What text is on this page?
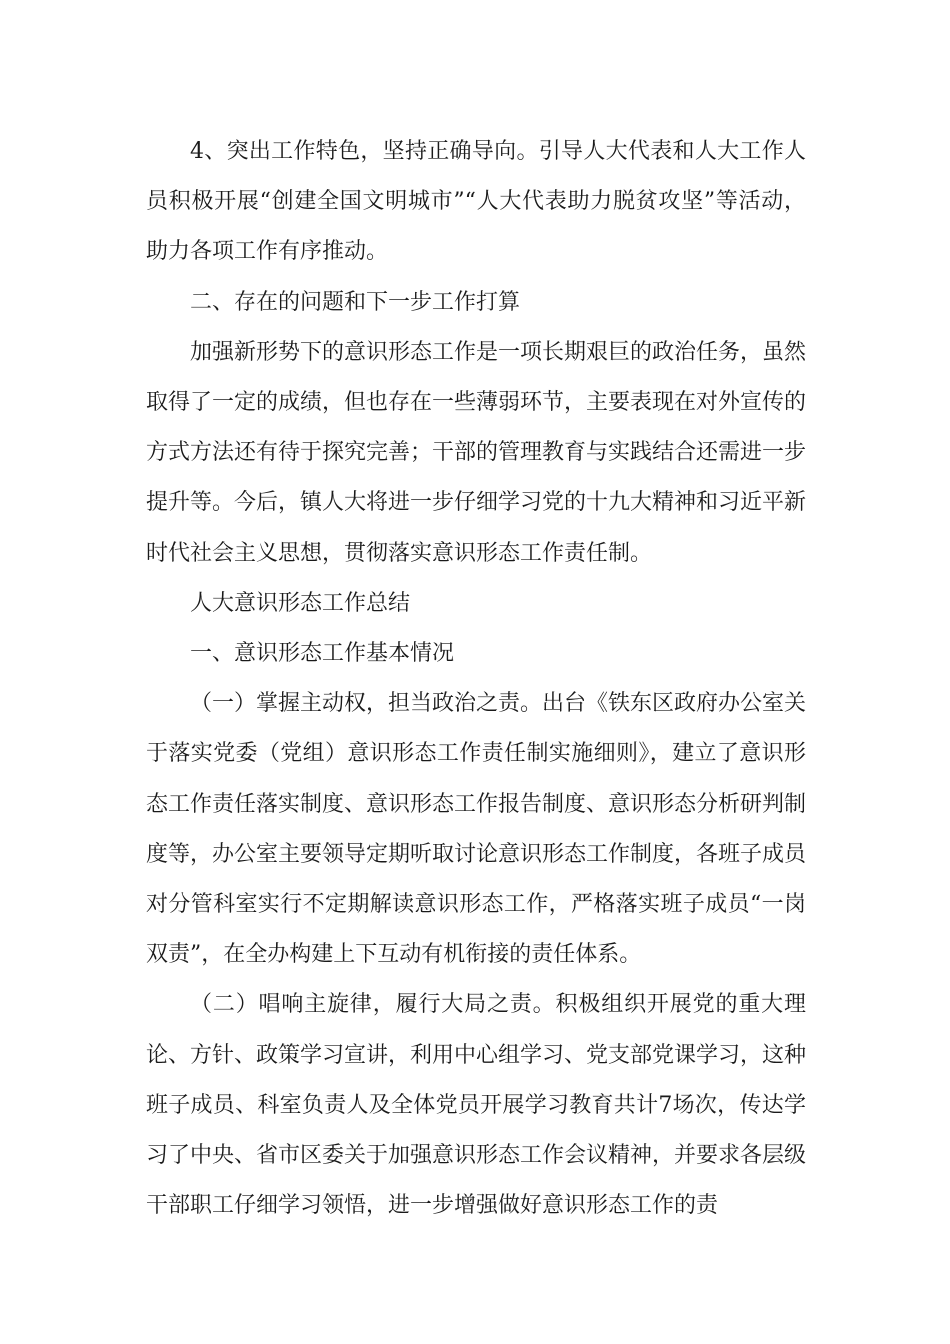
4、突出工作特色，坚持正确导向。引导人大代表和人大工作人员积极开展“创建全国文明城市”“人大代表助力脱贫攻坚”等活动，助力各项工作有序推动。

二、存在的问题和下一步工作打算

加强新形势下的意识形态工作是一项长期艰巨的政治任务，虽然取得了一定的成绩，但也存在一些薄弱环节，主要表现在对外宣传的方式方法还有待于探究完善；干部的管理教育与实践结合还需进一步提升等。今后，镇人大将进一步仔细学习党的十九大精神和习近平新时代社会主义思想，贯彻落实意识形态工作责任制。

人大意识形态工作总结

一、意识形态工作基本情况

（一）掌握主动权，担当政治之责。出台《铁东区政府办公室关于落实党委（党组）意识形态工作责任制实施细则》，建立了意识形态工作责任落实制度、意识形态工作报告制度、意识形态分析研判制度等，办公室主要领导定期听取讨论意识形态工作制度，各班子成员对分管科室实行不定期解读意识形态工作，严格落实班子成员“一岗双责”，在全办构建上下互动有机衔接的责任体系。

（二）唱响主旋律，履行大局之责。积极组织开展党的重大理论、方针、政策学习宣讲，利用中心组学习、党支部党课学习，这种班子成员、科室负责人及全体党员开展学习教育共计7场次，传达学习了中央、省市区委关于加强意识形态工作会议精神，并要求各层级干部职工仔细学习领悟，进一步增强做好意识形态工作的责
